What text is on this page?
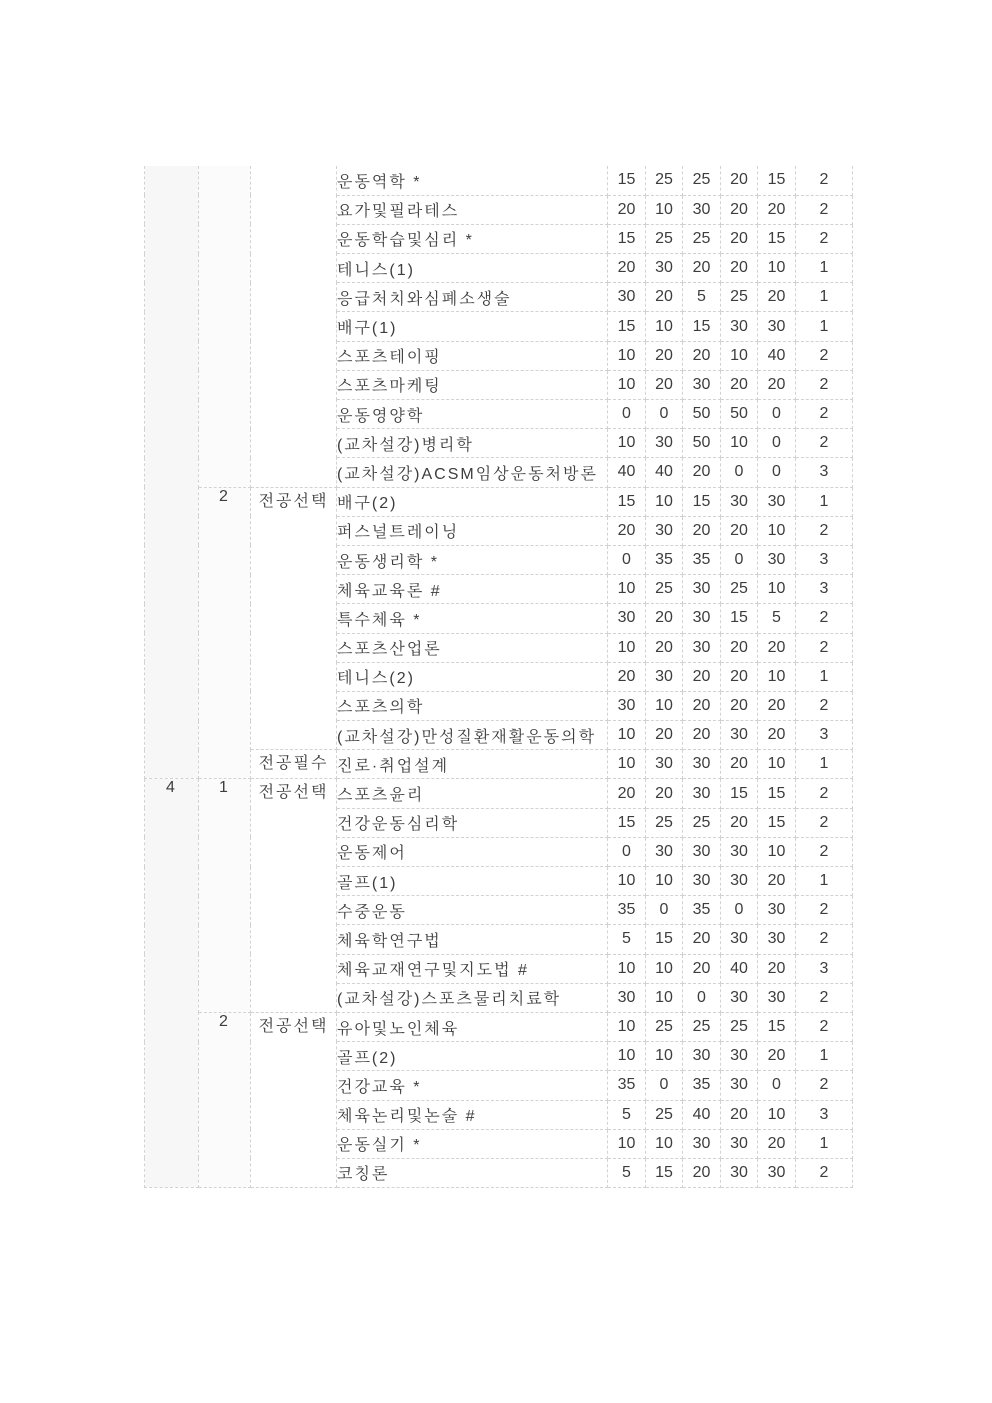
			운동역학 *	15	25	25	20	15	2
			요가및필라테스	20	10	30	20	20	2
			운동학습및심리 *	15	25	25	20	15	2
			테니스(1)	20	30	20	20	10	1
			응급처치와심폐소생술	30	20	5	25	20	1
			배구(1)	15	10	15	30	30	1
			스포츠테이핑	10	20	20	10	40	2
			스포츠마케팅	10	20	30	20	20	2
			운동영양학	0	0	50	50	0	2
			(교차설강)병리학	10	30	50	10	0	2
			(교차설강)ACSM임상운동처방론	40	40	20	0	0	3
	2	전공선택	배구(2)	15	10	15	30	30	1
			퍼스널트레이닝	20	30	20	20	10	2
			운동생리학 *	0	35	35	0	30	3
			체육교육론 #	10	25	30	25	10	3
			특수체육 *	30	20	30	15	5	2
			스포츠산업론	10	20	30	20	20	2
			테니스(2)	20	30	20	20	10	1
			스포츠의학	30	10	20	20	20	2
			(교차설강)만성질환재활운동의학	10	20	20	30	20	3
		전공필수	진로·취업설계	10	30	30	20	10	1
4	1	전공선택	스포츠윤리	20	20	30	15	15	2
			건강운동심리학	15	25	25	20	15	2
			운동제어	0	30	30	30	10	2
			골프(1)	10	10	30	30	20	1
			수중운동	35	0	35	0	30	2
			체육학연구법	5	15	20	30	30	2
			체육교재연구및지도법 #	10	10	20	40	20	3
			(교차설강)스포츠물리치료학	30	10	0	30	30	2
	2	전공선택	유아및노인체육	10	25	25	25	15	2
			골프(2)	10	10	30	30	20	1
			건강교육 *	35	0	35	30	0	2
			체육논리및논술 #	5	25	40	20	10	3
			운동실기 *	10	10	30	30	20	1
			코칭론	5	15	20	30	30	2
